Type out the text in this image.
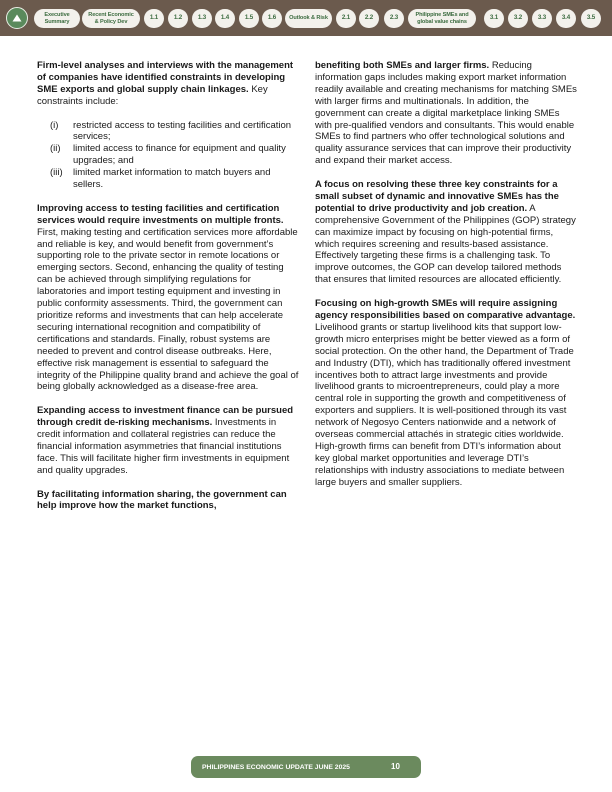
Executive
Summary
Recent Economic
& Policy Dev
1.1	1.2	1.3	1.4	1.5	1.6	Outlook & Risk	2.1	2.2	2.3	Philippine SMEs and
global value chains
3.1	3.2	3.3	3.4	3.5

Firm-level analyses and interviews with the management of companies have identified constraints in developing SME exports and global supply chain linkages. Key constraints include:

(i) restricted access to testing facilities and certification services;
(ii) limited access to finance for equipment and quality upgrades; and
(iii) limited market information to match buyers and sellers.

Improving access to testing facilities and certification services would require investments on multiple fronts. First, making testing and certification services more affordable and reliable is key, and would benefit from government’s supporting role to the private sector in remote locations or emerging sectors. Second, enhancing the quality of testing can be achieved through simplifying regulations for laboratories and import testing equipment and investing in public conformity assessments. Third, the government can prioritize reforms and investments that can help accelerate securing international recognition and compatibility of certifications and standards. Finally, robust systems are needed to prevent and control disease outbreaks. Here, effective risk management is essential to safeguard the integrity of the Philippine quality brand and achieve the goal of being globally acknowledged as a disease-free area.

Expanding access to investment finance can be pursued through credit de-risking mechanisms. Investments in credit information and collateral registries can reduce the financial information asymmetries that financial institutions face. This will facilitate higher firm investments in equipment and quality upgrades.

By facilitating information sharing, the government can help improve how the market functions,

benefiting both SMEs and larger firms. Reducing information gaps includes making export market information readily available and creating mechanisms for matching SMEs with larger firms and multinationals. In addition, the government can create a digital marketplace linking SMEs with pre-qualified vendors and consultants. This would enable SMEs to find partners who offer technological solutions and quality assurance services that can improve their productivity and expand their market access.

A focus on resolving these three key constraints for a small subset of dynamic and innovative SMEs has the potential to drive productivity and job creation. A comprehensive Government of the Philippines (GOP) strategy can maximize impact by focusing on high-potential firms, which requires screening and results-based assistance. Effectively targeting these firms is a challenging task. To improve outcomes, the GOP can develop tailored methods that ensures that limited resources are allocated efficiently.

Focusing on high-growth SMEs will require assigning agency responsibilities based on comparative advantage. Livelihood grants or startup livelihood kits that support low-growth micro enterprises might be better viewed as a form of social protection. On the other hand, the Department of Trade and Industry (DTI), which has traditionally offered investment incentives both to attract large investments and provide livelihood grants to microentrepreneurs, could play a more central role in supporting the growth and competitiveness of exporters and suppliers. It is well-positioned through its vast network of Negosyo Centers nationwide and a network of overseas commercial attachés in strategic cities worldwide. High-growth firms can benefit from DTI’s information about key global market opportunities and leverage DTI’s relationships with industry associations to mediate between large buyers and smaller suppliers.

PHILIPPINES ECONOMIC UPDATE JUNE 2025	10
